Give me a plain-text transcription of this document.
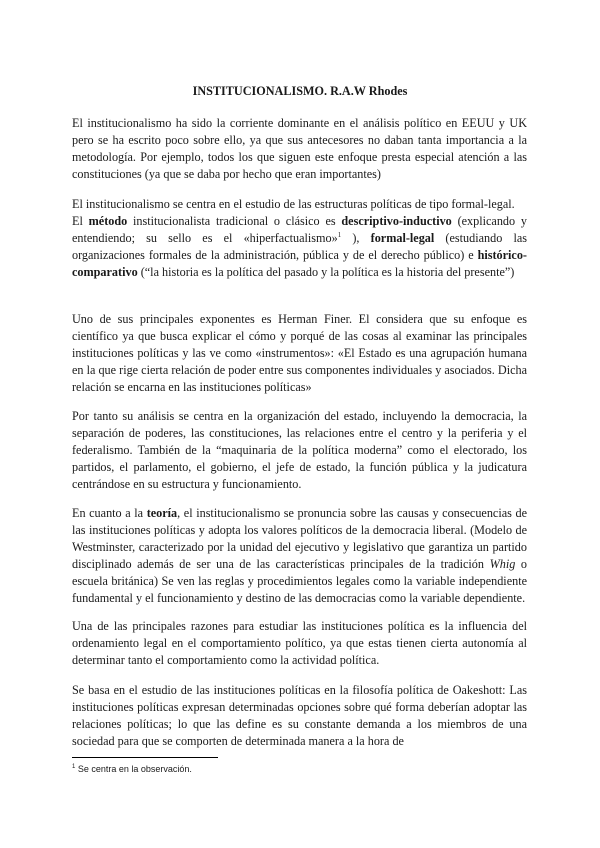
INSTITUCIONALISMO. R.A.W Rhodes

El institucionalismo ha sido la corriente dominante en el análisis político en EEUU y UK pero se ha escrito poco sobre ello, ya que sus antecesores no daban tanta importancia a la metodología. Por ejemplo, todos los que siguen este enfoque presta especial atención a las constituciones (ya que se daba por hecho que eran importantes)

El institucionalismo se centra en el estudio de las estructuras políticas de tipo formal-legal.
El método institucionalista tradicional o clásico es descriptivo-inductivo (explicando y entendiendo; su sello es el «hiperfactualismo»$^1$ ), formal-legal (estudiando las organizaciones formales de la administración, pública y de el derecho público) e histórico-comparativo (“la historia es la política del pasado y la política es la historia del presente”)

Uno de sus principales exponentes es Herman Finer. El considera que su enfoque es científico ya que busca explicar el cómo y porqué de las cosas al examinar las principales instituciones políticas y las ve como «instrumentos»: «El Estado es una agrupación humana en la que rige cierta relación de poder entre sus componentes individuales y asociados. Dicha relación se encarna en las instituciones políticas»

Por tanto su análisis se centra en la organización del estado, incluyendo la democracia, la separación de poderes, las constituciones, las relaciones entre el centro y la periferia y el federalismo. También de la “maquinaria de la política moderna” como el electorado, los partidos, el parlamento, el gobierno, el jefe de estado, la función pública y la judicatura centrándose en su estructura y funcionamiento.

En cuanto a la teoría, el institucionalismo se pronuncia sobre las causas y consecuencias de las instituciones políticas y adopta los valores políticos de la democracia liberal. (Modelo de Westminster, caracterizado por la unidad del ejecutivo y legislativo que garantiza un partido disciplinado además de ser una de las características principales de la tradición Whig o escuela británica) Se ven las reglas y procedimientos legales como la variable independiente fundamental y el funcionamiento y destino de las democracias como la variable dependiente.

Una de las principales razones para estudiar las instituciones política es la influencia del ordenamiento legal en el comportamiento político, ya que estas tienen cierta autonomía al determinar tanto el comportamiento como la actividad política.

Se basa en el estudio de las instituciones políticas en la filosofía política de Oakeshott: Las instituciones políticas expresan determinadas opciones sobre qué forma deberían adoptar las relaciones políticas; lo que las define es su constante demanda a los miembros de una sociedad para que se comporten de determinada manera a la hora de

$^1$ Se centra en la observación.
